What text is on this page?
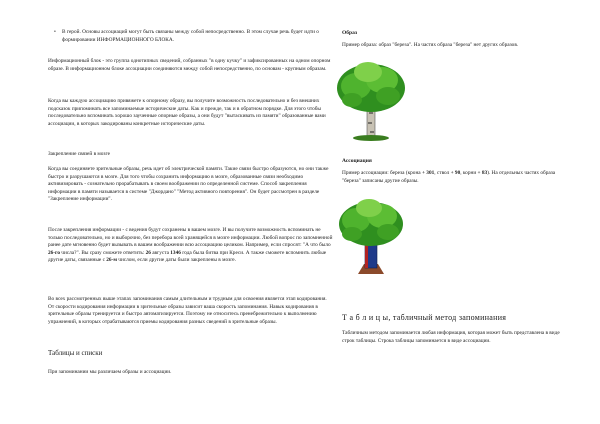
• В герой. Основы ассоциаций могут быть связаны между собой непосредственно. В этом случае речь будет идти о формировании ИНФОРМАЦИОННОГО БЛОКА.

Информационный блок - это группа однотипных сведений, собранных "в одну кучку" и зафиксированных на одном опорном образе. В информационном блоке ассоциации соединяются между собой непосредственно, по основам - крупным образам.

Когда вы каждую ассоциацию привяжете к опорному образу, вы получите возможность последовательно и без внешних подсказок припоминать все запоминаемые исторические даты. Как и прежде, так и в обратном порядке. Для этого чтобы последовательно вспоминать хорошо заученные опорные образы, а они будут "вытаскивать из памяти" образованные вами ассоциации, в которых закодированы конкретные исторические даты.

Закрепление связей в мозге

Когда вы соединяете зрительные образы, речь идет об электрической памяти. Такие связи быстро образуются, но они также быстро и разрушаются в мозге. Для того чтобы сохранить информацию в мозге, образованные связи необходимо активизировать - сознательно прорабатывать в своем воображении по определенной системе. Способ закрепления информации в памяти называется в системе "Джордано" "Метод активного повторения". Он будет рассмотрен в разделе "Закрепление информации".

После закрепления информации - с ведения будут сохранены в вашем мозге. И вы получите возможность вспоминать не только последовательно, но и выборочно, без перебора всей хранящейся в мозге информации. Любой вопрос по запомненной ранее дате мгновенно будет вызывать в вашем воображении всю ассоциацию целиком. Например, если спросят: "А что было 26-го числа?". Вы сразу сможете ответить: 26 августа 1346 года была битва при Креси. А также сможете вспомнить любые другие даты, связанные с 26-м числом, если другие даты были закреплены в мозге.

Во всех рассмотренных выше этапах запоминания самым длительным и трудным для освоения является этап кодирования. От скорости кодирования информации в зрительные образы зависит ваша скорость запоминания. Навык кодирования в зрительные образы тренируется и быстро автоматизируется. Поэтому не относитесь пренебрежительно к выполнению упражнений, в которых отрабатываются приемы кодирования разных сведений в зрительные образы.

Таблицы и списки

При запоминании мы различаем образы и ассоциации.

Образ

Пример образа: образ "береза". На частях образа "береза" нет других образов.

Ассоциация

Пример ассоциации: береза (крона + 301, ствол + 90, корни + 83). На отдельных частях образа "береза" записаны другие образы.

Т а б л и ц ы, табличный метод запоминания

Табличным методом запоминается любая информация, которая может быть представлена в виде строк таблицы. Строка таблицы запоминается в виде ассоциации.
